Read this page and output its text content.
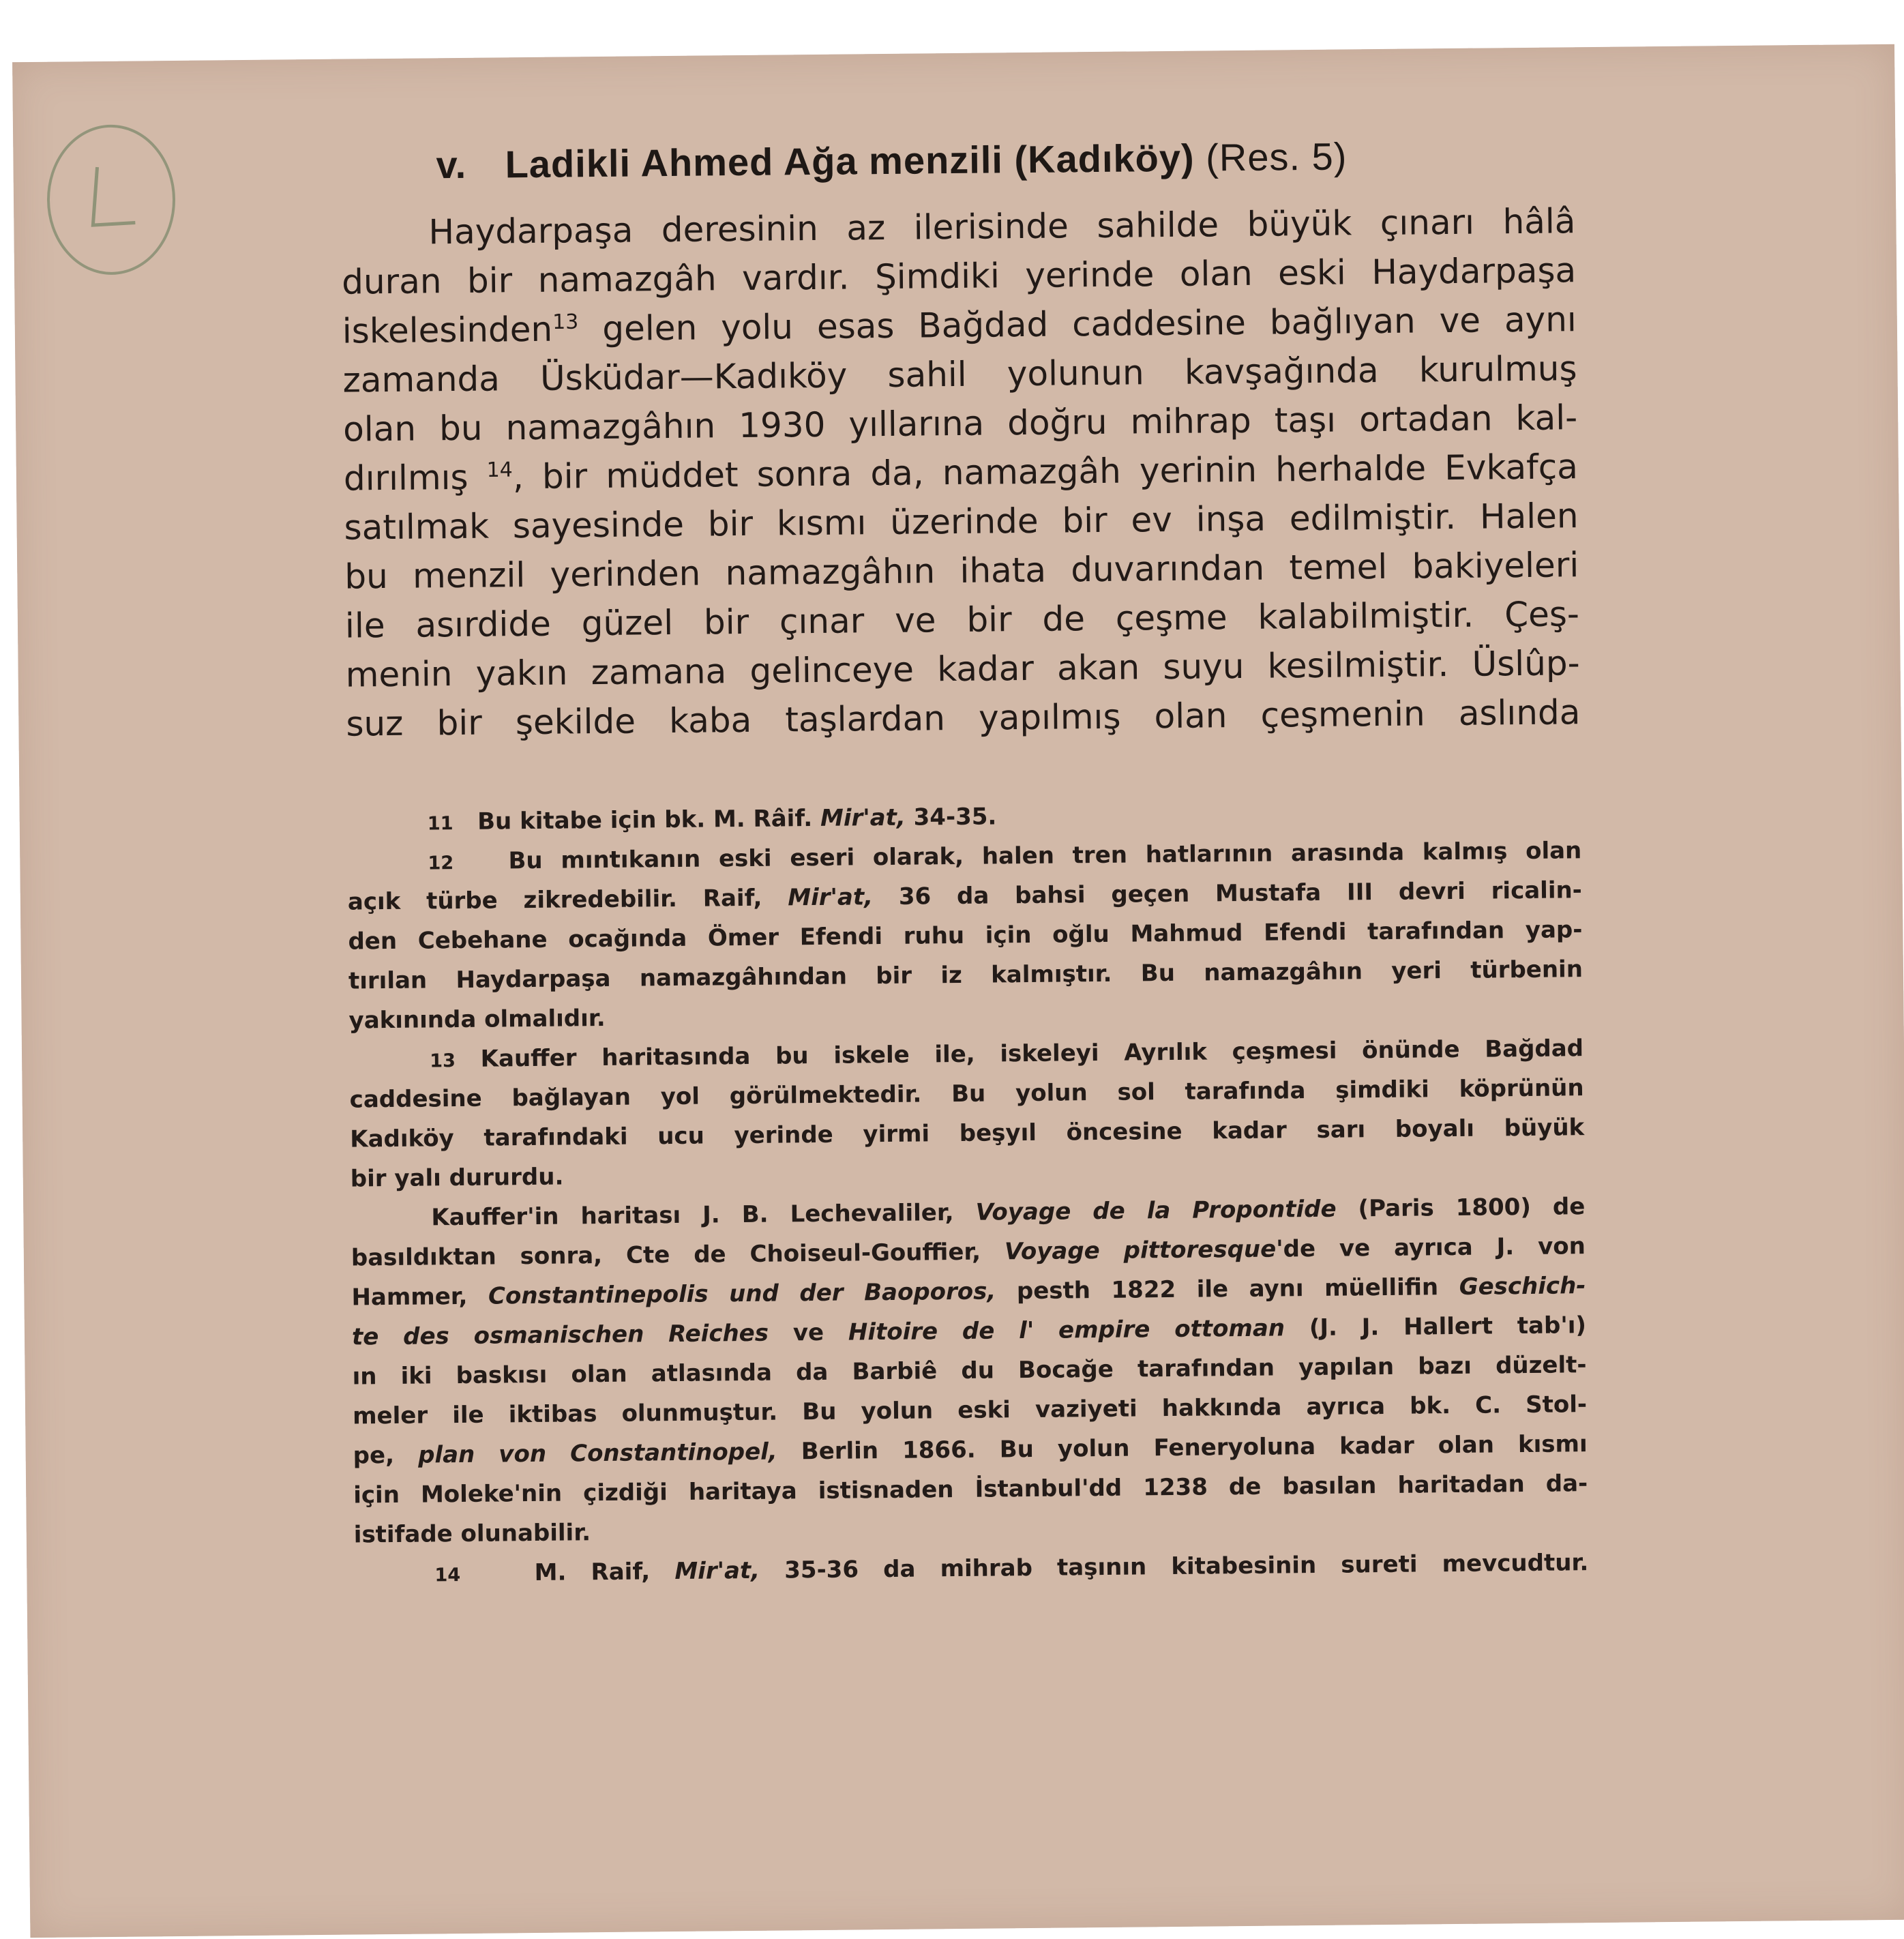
v. Ladikli Ahmed Ağa menzili (Kadıköy) (Res. 5)
Haydarpaşa deresinin az ilerisinde sahilde büyük çınarı hâlâ
duran bir namazgâh vardır. Şimdiki yerinde olan eski Haydarpaşa
iskelesinden$^{13}$ gelen yolu esas Bağdad caddesine bağlıyan ve aynı
zamanda Üsküdar—Kadıköy sahil yolunun kavşağında kurulmuş
olan bu namazgâhın 1930 yıllarına doğru mihrap taşı ortadan kal-
dırılmış $^{14}$, bir müddet sonra da, namazgâh yerinin herhalde Evkafça
satılmak sayesinde bir kısmı üzerinde bir ev inşa edilmiştir. Halen
bu menzil yerinden namazgâhın ihata duvarından temel bakiyeleri
ile asırdide güzel bir çınar ve bir de çeşme kalabilmiştir. Çeş-
menin yakın zamana gelinceye kadar akan suyu kesilmiştir. Üslûp-
suz bir şekilde kaba taşlardan yapılmış olan çeşmenin aslında
11 Bu kitabe için bk. M. Râif. Mir'at, 34-35.
12 Bu mıntıkanın eski eseri olarak, halen tren hatlarının arasında kalmış olan
açık türbe zikredebilir. Raif, Mir'at, 36 da bahsi geçen Mustafa III devri ricalin-
den Cebehane ocağında Ömer Efendi ruhu için oğlu Mahmud Efendi tarafından yap-
tırılan Haydarpaşa namazgâhından bir iz kalmıştır. Bu namazgâhın yeri türbenin
yakınında olmalıdır.
13 Kauffer haritasında bu iskele ile, iskeleyi Ayrılık çeşmesi önünde Bağdad
caddesine bağlayan yol görülmektedir. Bu yolun sol tarafında şimdiki köprünün
Kadıköy tarafındaki ucu yerinde yirmi beşyıl öncesine kadar sarı boyalı büyük
bir yalı dururdu.
Kauffer'in haritası J. B. Lechevaliler, Voyage de la Propontide (Paris 1800) de
basıldıktan sonra, Cte de Choiseul-Gouffier, Voyage pittoresque'de ve ayrıca J. von
Hammer, Constantinepolis und der Baoporos, pesth 1822 ile aynı müellifin Geschich-
te des osmanischen Reiches ve Hitoire de l' empire ottoman (J. J. Hallert tab'ı)
ın iki baskısı olan atlasında da Barbiê du Bocağe tarafından yapılan bazı düzelt-
meler ile iktibas olunmuştur. Bu yolun eski vaziyeti hakkında ayrıca bk. C. Stol-
pe, plan von Constantinopel, Berlin 1866. Bu yolun Feneryoluna kadar olan kısmı
için Moleke'nin çizdiği haritaya istisnaden İstanbul'dd 1238 de basılan haritadan da-
istifade olunabilir.
14	M. Raif, Mir'at, 35-36 da mihrab taşının kitabesinin sureti mevcudtur.
